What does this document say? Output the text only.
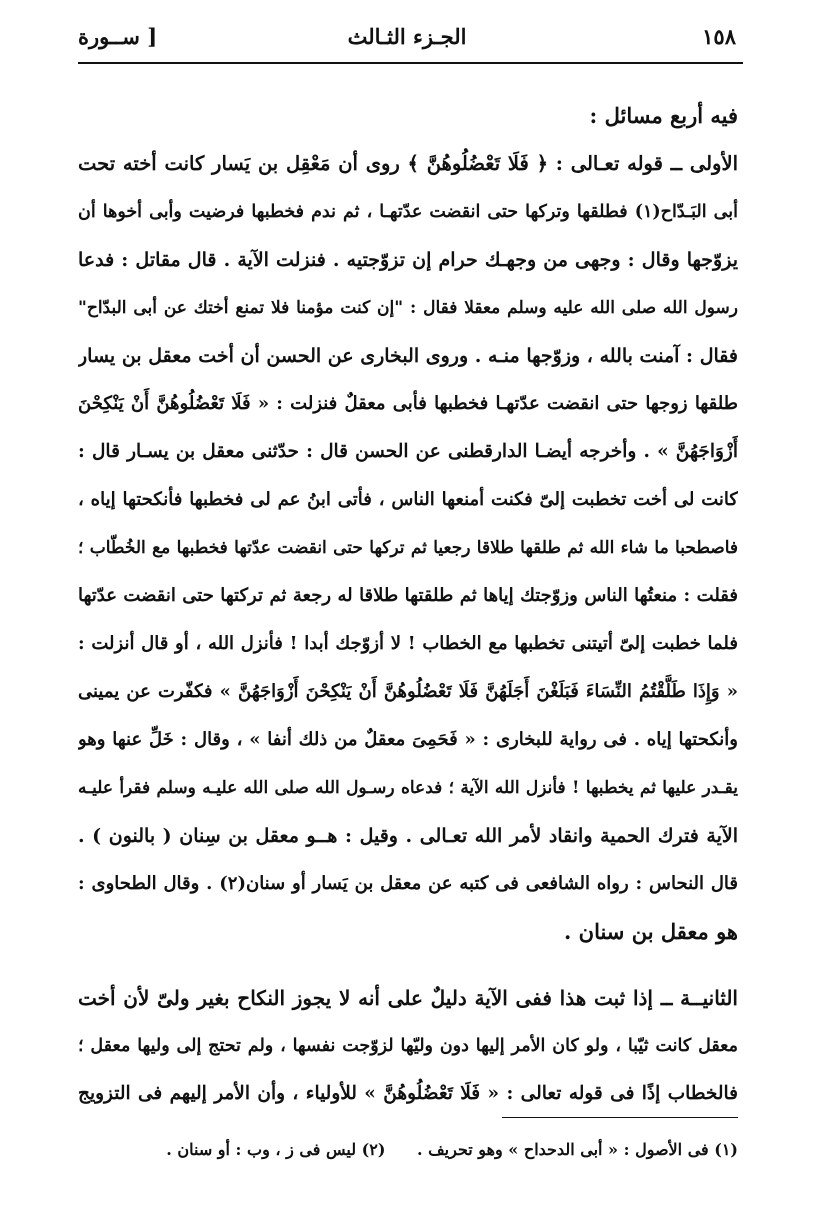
١٥٨
الجـزء الثـالث
[ ســورة
فيه أربع مسائل :
الأولى ــ قوله تعـالى : ﴿ فَلَا تَعْضُلُوهُنَّ ﴾ روى أن مَعْقِل بن يَسار كانت أخته تحت
أبى البَـدّاح(١) فطلقها وتركها حتى انقضت عدّتهـا ، ثم ندم فخطبها فرضيت وأبى أخوها أن
يزوّجها وقال : وجهى من وجهـك حرام إن تزوّجتيه . فنزلت الآية . قال مقاتل : فدعا
رسول الله صلى الله عليه وسلم معقلا فقال : "إن كنت مؤمنا فلا تمنع أختك عن أبى البدّاح"
فقال : آمنت بالله ، وزوّجها منـه . وروى البخارى عن الحسن أن أخت معقل بن يسار
طلقها زوجها حتى انقضت عدّتهـا فخطبها فأبى معقلٌ فنزلت : « فَلَا تَعْضُلُوهُنَّ أَنْ يَنْكِحْنَ
أَزْوَاجَهُنَّ » . وأخرجه أيضـا الدارقطنى عن الحسن قال : حدّثنى معقل بن يسـار قال :
كانت لى أخت تخطبت إلىّ فكنت أمنعها الناس ، فأتى ابنُ عم لى فخطبها فأنكحتها إياه ،
فاصطحبا ما شاء الله ثم طلقها طلاقا رجعيا ثم تركها حتى انقضت عدّتها فخطبها مع الخُطّاب ؛
فقلت : منعتُها الناس وزوّجتك إياها ثم طلقتها طلاقا له رجعة ثم تركتها حتى انقضت عدّتها
فلما خطبت إلىّ أتيتنى تخطبها مع الخطاب ! لا أزوّجك أبدا ! فأنزل الله ، أو قال أنزلت :
« وَإِذَا طَلَّقْتُمُ النِّسَاءَ فَبَلَغْنَ أَجَلَهُنَّ فَلَا تَعْضُلُوهُنَّ أَنْ يَنْكِحْنَ أَزْوَاجَهُنَّ » فكفّرت عن يمينى
وأنكحتها إياه . فى رواية للبخارى : « فَحَمِىَ معقلٌ من ذلك أنفا » ، وقال : خَلِّ عنها وهو
يقـدر عليها ثم يخطبها ! فأنزل الله الآية ؛ فدعاه رسـول الله صلى الله عليـه وسلم فقرأ عليـه
الآية فترك الحمية وانقاد لأمر الله تعـالى . وقيل : هــو معقل بن سِنان ( بالنون ) .
قال النحاس : رواه الشافعى فى كتبه عن معقل بن يَسار أو سنان(٢) . وقال الطحاوى :
هو معقل بن سنان .
الثانيــة ــ إذا ثبت هذا ففى الآية دليلٌ على أنه لا يجوز النكاح بغير ولىّ لأن أخت
معقل كانت ثيّبا ، ولو كان الأمر إليها دون وليّها لزوّجت نفسها ، ولم تحتج إلى وليها معقل ؛
فالخطاب إذًا فى قوله تعالى : « فَلَا تَعْضُلُوهُنَّ » للأولياء ، وأن الأمر إليهم فى التزويج
(١) فى الأصول : « أبى الدحداح » وهو تحريف . (٢) ليس فى ز ، وب : أو سنان .
